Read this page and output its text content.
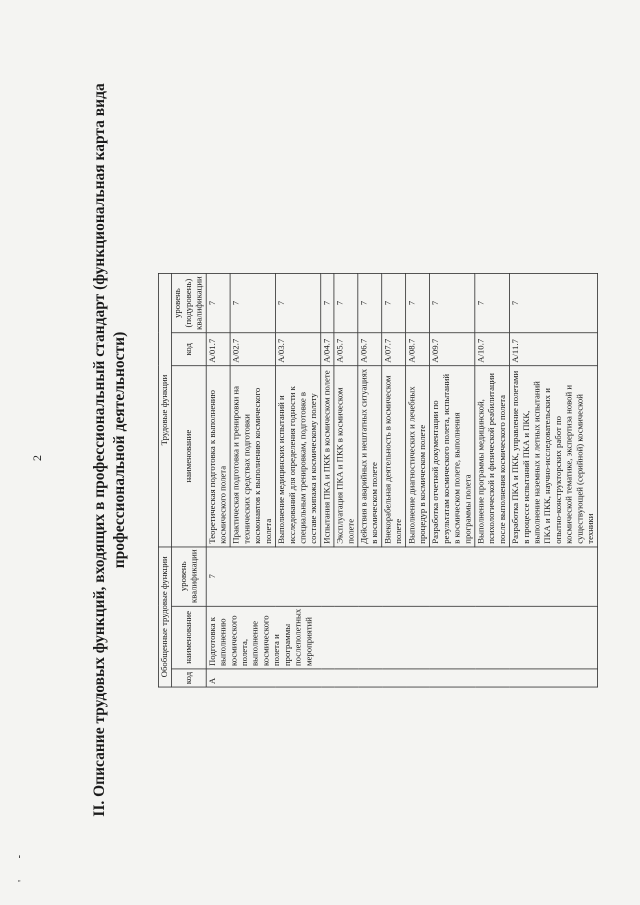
2
-
'
II. Описание трудовых функций, входящих в профессиональный стандарт (функциональная карта вида профессиональной деятельности)
Обобщенные трудовые функции			Трудовые функции		
код	наименование	уровень квалификации	наименование	код	уровень (подуровень) квалификации
А	Подготовка к выполнению космического полета, выполнение космического полета и программы послеполетных мероприятий	7	Теоретическая подготовка к выполнению космического полета	A/01.7	7
			Практическая подготовка и тренировки на технических средствах подготовки космонавтов к выполнению космического полета	A/02.7	7
			Выполнение медицинских испытаний и исследований для определения годности к специальным тренировкам, подготовке в составе экипажа и космическому полету	A/03.7	7
			Испытания ПКА и ПКК в космическом полете	A/04.7	7
			Эксплуатация ПКА и ПКК в космическом полете	A/05.7	7
			Действия в аварийных и нештатных ситуациях в космическом полете	A/06.7	7
			Внекорабельная деятельность в космическом полете	A/07.7	7
			Выполнение диагностических и лечебных процедур в космическом полете	A/08.7	7
			Разработка отчетной документации по результатам космического полета, испытаний в космическом полете, выполнения программы полета	A/09.7	7
			Выполнение программы медицинской, психологической и физической реабилитации после выполнения космического полета	A/10.7	7
			Разработка ПКА и ПКК, управление полетами в процессе испытаний ПКА и ПКК, выполнение наземных и летных испытаний ПКА и ПКК, научно-исследовательских и опытно-конструкторских работ по космической тематике, экспертиза новой и существующей (серийной) космической техники	A/11.7	7
